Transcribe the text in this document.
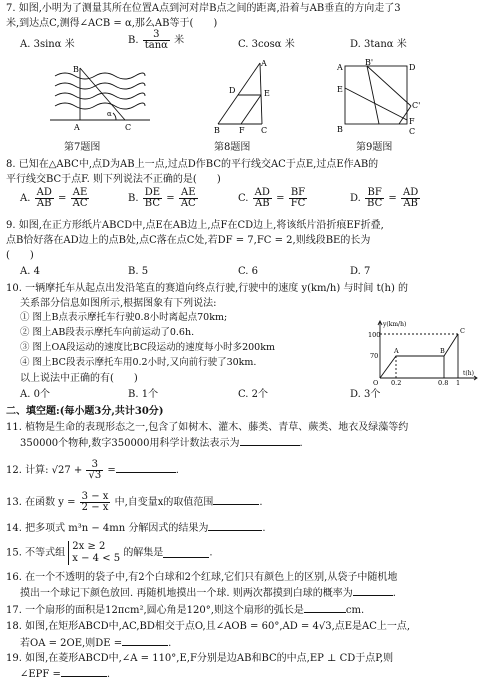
7. 如图,小明为了测量其所在位置A点到河对岸B点之间的距离,沿着与AB垂直的方向走了3
米,到达点C,测得∠ACB = α,那么AB等于(　　)
A. 3sinα 米	B. $\frac{3}{\tan\alpha}$ 米	C. 3cosα 米	D. 3tanα 米
B
A	C
α
第7题图
A
D	E
B F C
第8题图
A
B'
D
E
C'
B
F
C
第9题图
8. 已知在△ABC中,点D为AB上一点,过点D作BC的平行线交AC于点E,过点E作AB的
平行线交BC于点F. 则下列说法不正确的是(　　)
A. $\frac{AD}{AB} = \frac{AE}{AC}$	B. $\frac{DE}{BC} = \frac{AE}{AC}$	C. $\frac{AD}{AB} = \frac{BF}{FC}$	D. $\frac{BF}{BC} = \frac{AD}{AB}$
9. 如图,在正方形纸片ABCD中,点E在AB边上,点F在CD边上,将该纸片沿折痕EF折叠,
点B恰好落在AD边上的点B处,点C落在点C处,若DF = 7,FC = 2,则线段BE的长为
(　　)
A. 4	B. 5	C. 6	D. 7
10. 一辆摩托车从起点出发沿笔直的赛道向终点行驶,行驶中的速度 y(km/h) 与时间 t(h) 的
关系部分信息如图所示,根据图象有下列说法:
① 图上B点表示摩托车行驶0.8小时离起点70km;
② 图上AB段表示摩托车向前运动了0.6h.
③ 图上OA段运动的速度比BC段运动的速度每小时多200km
④ 图上BC段表示摩托车用0.2小时,又向前行驶了30km.
以上说法中正确的有(　　)
A. 0个	B. 1个	C. 2个	D. 3个
y(km/h)
t(h)
100
70
O 0.2	0.8 1
A	B
C
二、填空题:(每小题3分,共计30分)
11. 植物是生命的表现形态之一,包含了如树木、灌木、藤类、青草、蕨类、地衣及绿藻等约
350000个物种,数字350000用科学计数法表示为	.
12. 计算: $√27 + \frac{3}{√3}$ =	.
13. 在函数 $y = \frac{3 - x}{2 - x}$ 中,自变量x的取值范围	.
14. 把多项式 m³n − 4mn 分解因式的结果为	.
15. 不等式组
2x ≥ 2
x − 4 < 5 的解集是	.
16. 在一个不透明的袋子中,有2个白球和2个红球,它们只有颜色上的区别,从袋子中随机地
摸出一个球记下颜色放回. 再随机地摸出一个球. 则两次都摸到白球的概率为	.
17. 一个扇形的面积是12πcm²,圆心角是120°,则这个扇形的弧长是	cm.
18. 如图,在矩形ABCD中,AC,BD相交于点O,且∠AOB = 60°,AD = 4√3,点E是AC上一点,
若OA = 2OE,则DE =	.
19. 如图,在菱形ABCD中,∠A = 110°,E,F分别是边AB和BC的中点,EP ⊥ CD于点P,则
∠EPF =	.
